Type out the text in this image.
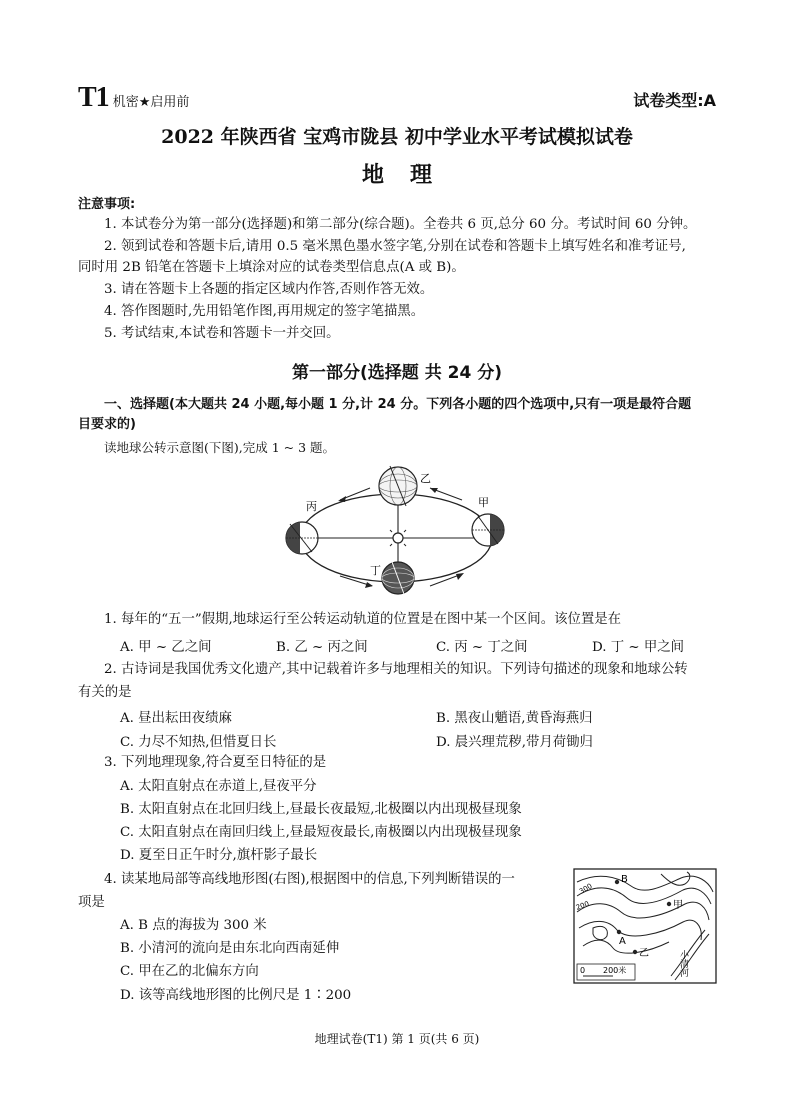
T1 机密★启用前	试卷类型:A
2022 年陕西省 宝鸡市陇县 初中学业水平考试模拟试卷
地理
注意事项:
1. 本试卷分为第一部分(选择题)和第二部分(综合题)。全卷共 6 页,总分 60 分。考试时间 60 分钟。
2. 领到试卷和答题卡后,请用 0.5 毫米黑色墨水签字笔,分别在试卷和答题卡上填写姓名和准考证号,
同时用 2B 铅笔在答题卡上填涂对应的试卷类型信息点(A 或 B)。
3. 请在答题卡上各题的指定区域内作答,否则作答无效。
4. 答作图题时,先用铅笔作图,再用规定的签字笔描黑。
5. 考试结束,本试卷和答题卡一并交回。
第一部分(选择题 共 24 分)
一、选择题(本大题共 24 小题,每小题 1 分,计 24 分。下列各小题的四个选项中,只有一项是最符合题
目要求的)
读地球公转示意图(下图),完成 1 ~ 3 题。
乙
丙	甲
丁
1. 每年的“五一”假期,地球运行至公转运动轨道的位置是在图中某一个区间。该位置是在
A. 甲 ~ 乙之间	B. 乙 ~ 丙之间	C. 丙 ~ 丁之间	D. 丁 ~ 甲之间
2. 古诗词是我国优秀文化遗产,其中记载着许多与地理相关的知识。下列诗句描述的现象和地球公转
有关的是
A. 昼出耘田夜绩麻	B. 黑夜山魈语,黄昏海燕归
C. 力尽不知热,但惜夏日长	D. 晨兴理荒秽,带月荷锄归
3. 下列地理现象,符合夏至日特征的是
A. 太阳直射点在赤道上,昼夜平分
B. 太阳直射点在北回归线上,昼最长夜最短,北极圈以内出现极昼现象
C. 太阳直射点在南回归线上,昼最短夜最长,南极圈以内出现极昼现象
D. 夏至日正午时分,旗杆影子最长
4. 读某地局部等高线地形图(右图),根据图中的信息,下列判断错误的一
项是
A. B 点的海拔为 300 米
B. 小清河的流向是由东北向西南延伸
C. 甲在乙的北偏东方向
D. 该等高线地形图的比例尺是 1∶200
B
A
甲
乙
300
200
小清河
0 200米
地理试卷(T1) 第 1 页(共 6 页)
